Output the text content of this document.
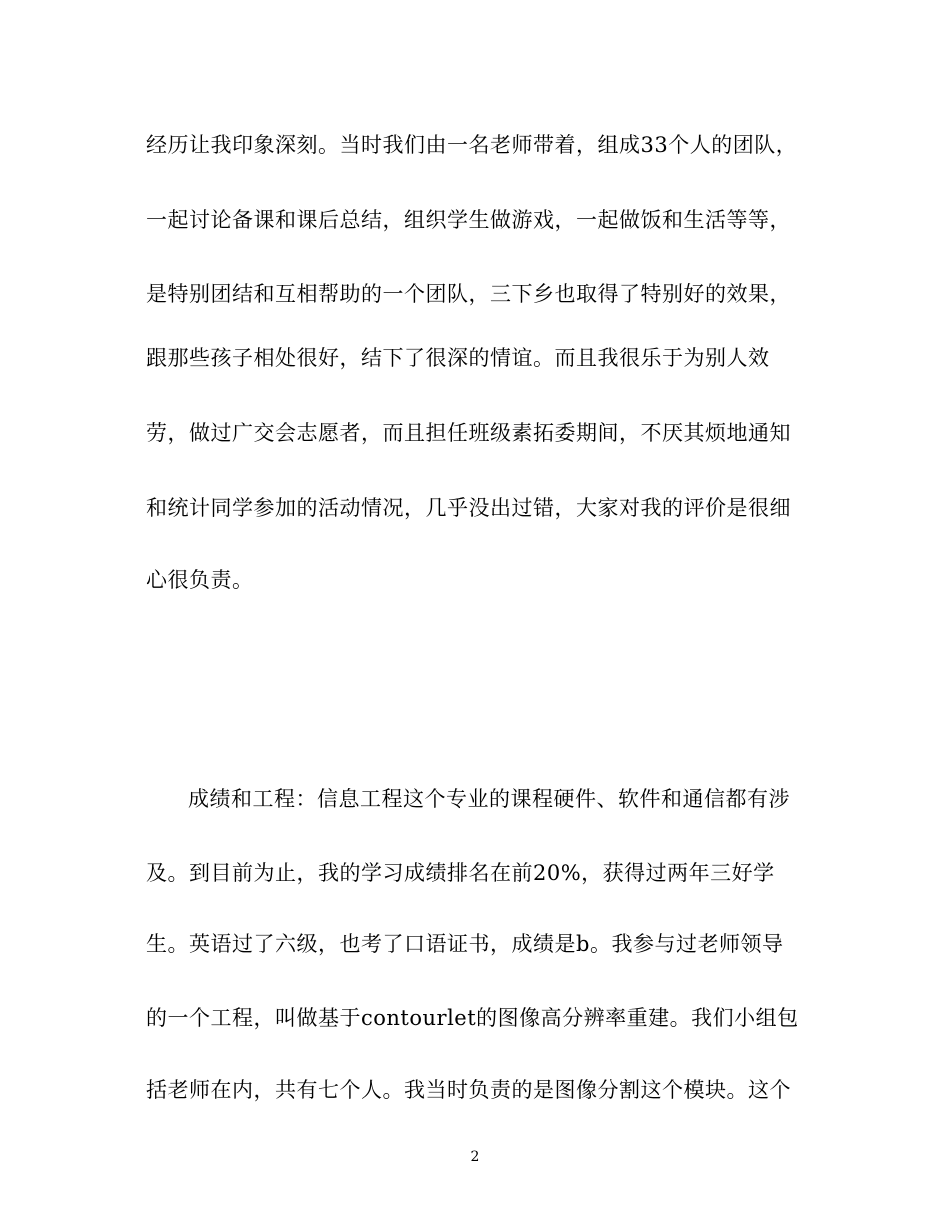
经历让我印象深刻。当时我们由一名老师带着，组成33个人的团队，
一起讨论备课和课后总结，组织学生做游戏，一起做饭和生活等等，
是特别团结和互相帮助的一个团队，三下乡也取得了特别好的效果，
跟那些孩子相处很好，结下了很深的情谊。而且我很乐于为别人效
劳，做过广交会志愿者，而且担任班级素拓委期间，不厌其烦地通知
和统计同学参加的活动情况，几乎没出过错，大家对我的评价是很细
心很负责。
成绩和工程：信息工程这个专业的课程硬件、软件和通信都有涉
及。到目前为止，我的学习成绩排名在前20%，获得过两年三好学
生。英语过了六级，也考了口语证书，成绩是b。我参与过老师领导
的一个工程，叫做基于contourlet的图像高分辨率重建。我们小组包
括老师在内，共有七个人。我当时负责的是图像分割这个模块。这个
2
